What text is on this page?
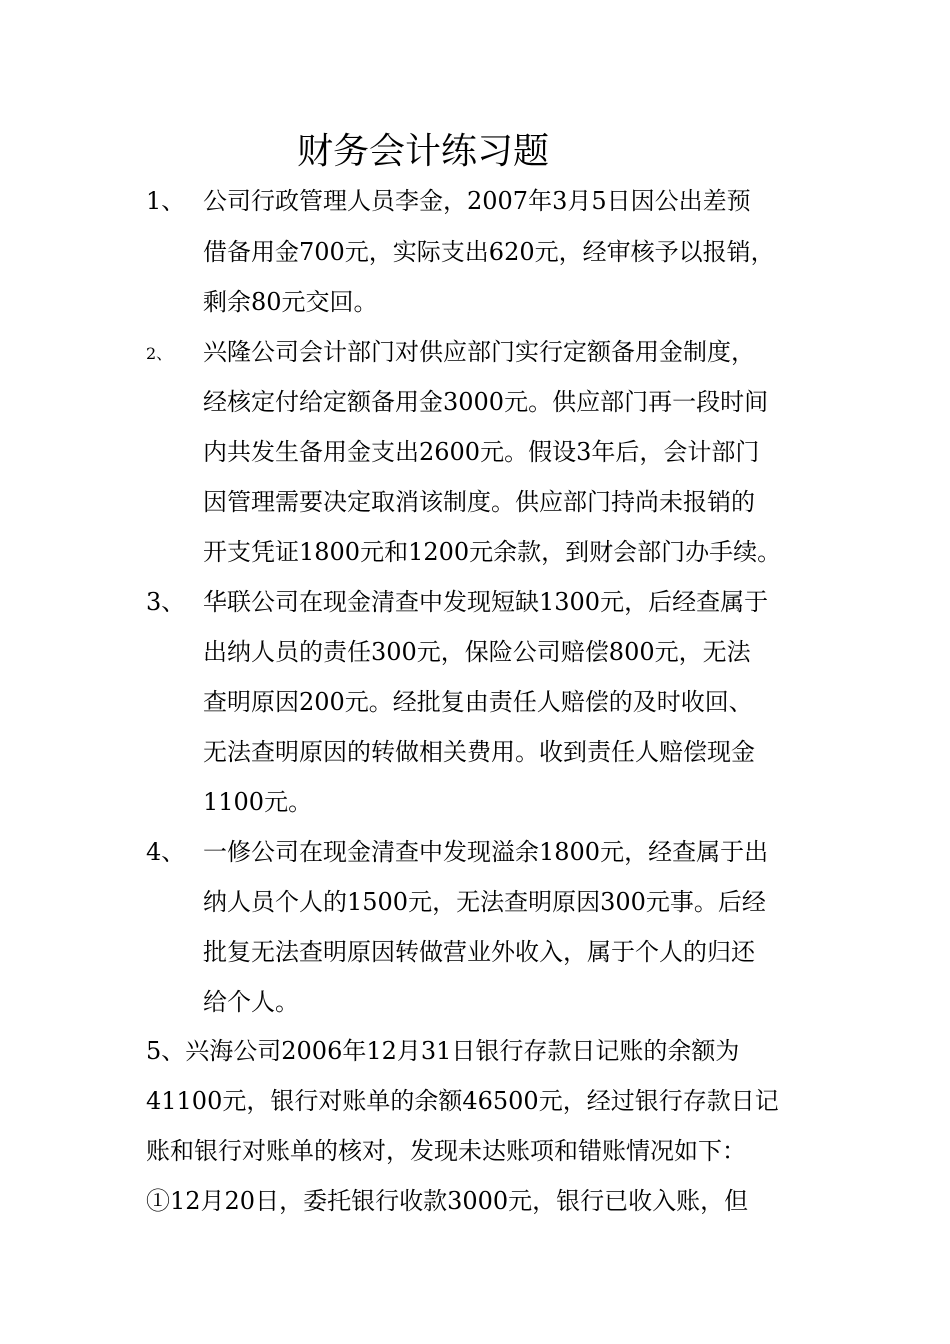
财务会计练习题
1、 公司行政管理人员李金，2007年3月5日因公出差预
借备用金700元，实际支出620元，经审核予以报销，
剩余80元交回。
2、 兴隆公司会计部门对供应部门实行定额备用金制度，
经核定付给定额备用金3000元。供应部门再一段时间
内共发生备用金支出2600元。假设3年后，会计部门
因管理需要决定取消该制度。供应部门持尚未报销的
开支凭证1800元和1200元余款，到财会部门办手续。
3、 华联公司在现金清查中发现短缺1300元，后经查属于
出纳人员的责任300元，保险公司赔偿800元，无法
查明原因200元。经批复由责任人赔偿的及时收回、
无法查明原因的转做相关费用。收到责任人赔偿现金
1100元。
4、 一修公司在现金清查中发现溢余1800元，经查属于出
纳人员个人的1500元，无法查明原因300元事。后经
批复无法查明原因转做营业外收入，属于个人的归还
给个人。
5、兴海公司2006年12月31日银行存款日记账的余额为
41100元，银行对账单的余额46500元，经过银行存款日记
账和银行对账单的核对，发现未达账项和错账情况如下：
①12月20日，委托银行收款3000元，银行已收入账，但
